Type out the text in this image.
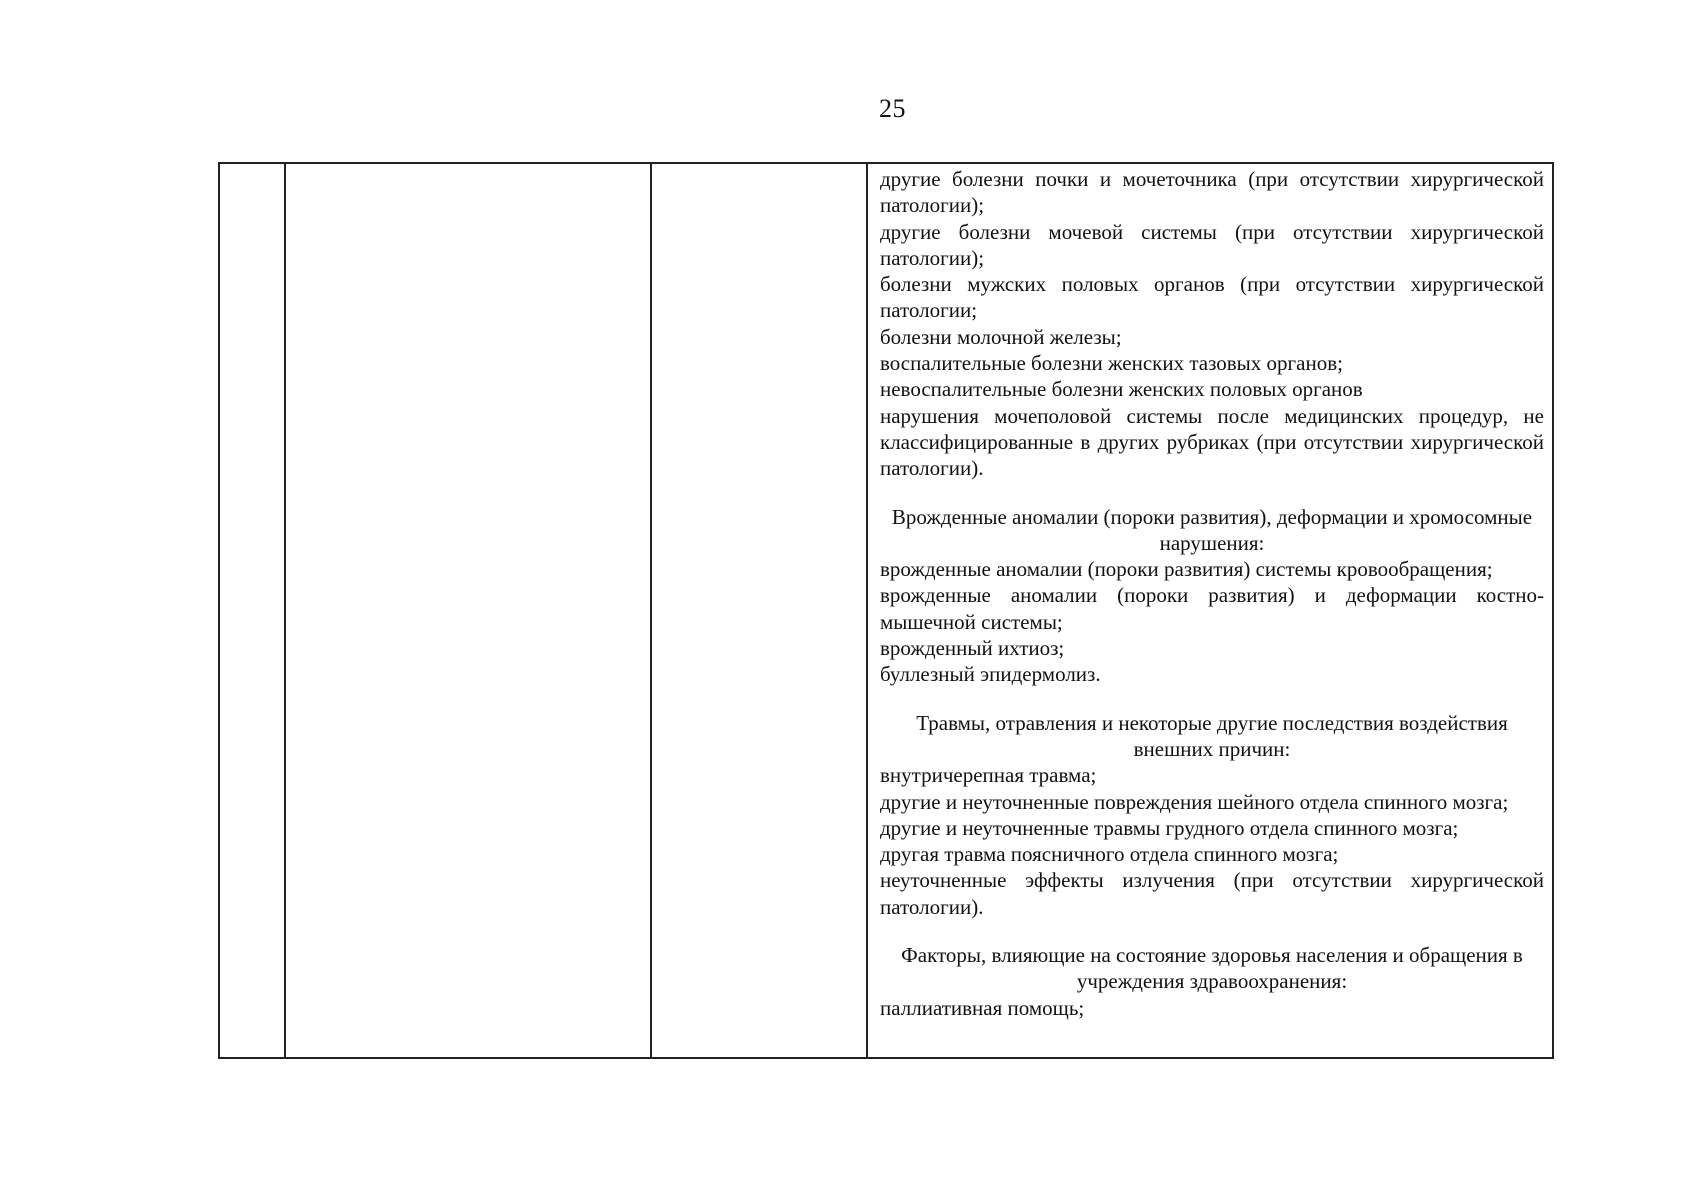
25

другие болезни почки и мочеточника (при отсутствии хирургической патологии);

другие болезни мочевой системы (при отсутствии хирургической патологии);

болезни мужских половых органов (при отсутствии хирургической патологии;

болезни молочной железы;

воспалительные болезни женских тазовых органов;

невоспалительные болезни женских половых органов

нарушения мочеполовой системы после медицинских процедур, не классифицированные в других рубриках (при отсутствии хирургической патологии).

Врожденные аномалии (пороки развития), деформации и хромосомные нарушения:

врожденные аномалии (пороки развития) системы кровообращения;

врожденные аномалии (пороки развития) и деформации костно-мышечной системы;

врожденный ихтиоз;

буллезный эпидермолиз.

Травмы, отравления и некоторые другие последствия воздействия внешних причин:

внутричерепная травма;

другие и неуточненные повреждения шейного отдела спинного мозга;

другие и неуточненные травмы грудного отдела спинного мозга;

другая травма поясничного отдела спинного мозга;

неуточненные эффекты излучения (при отсутствии хирургической патологии).

Факторы, влияющие на состояние здоровья населения и обращения в учреждения здравоохранения:

паллиативная помощь;
